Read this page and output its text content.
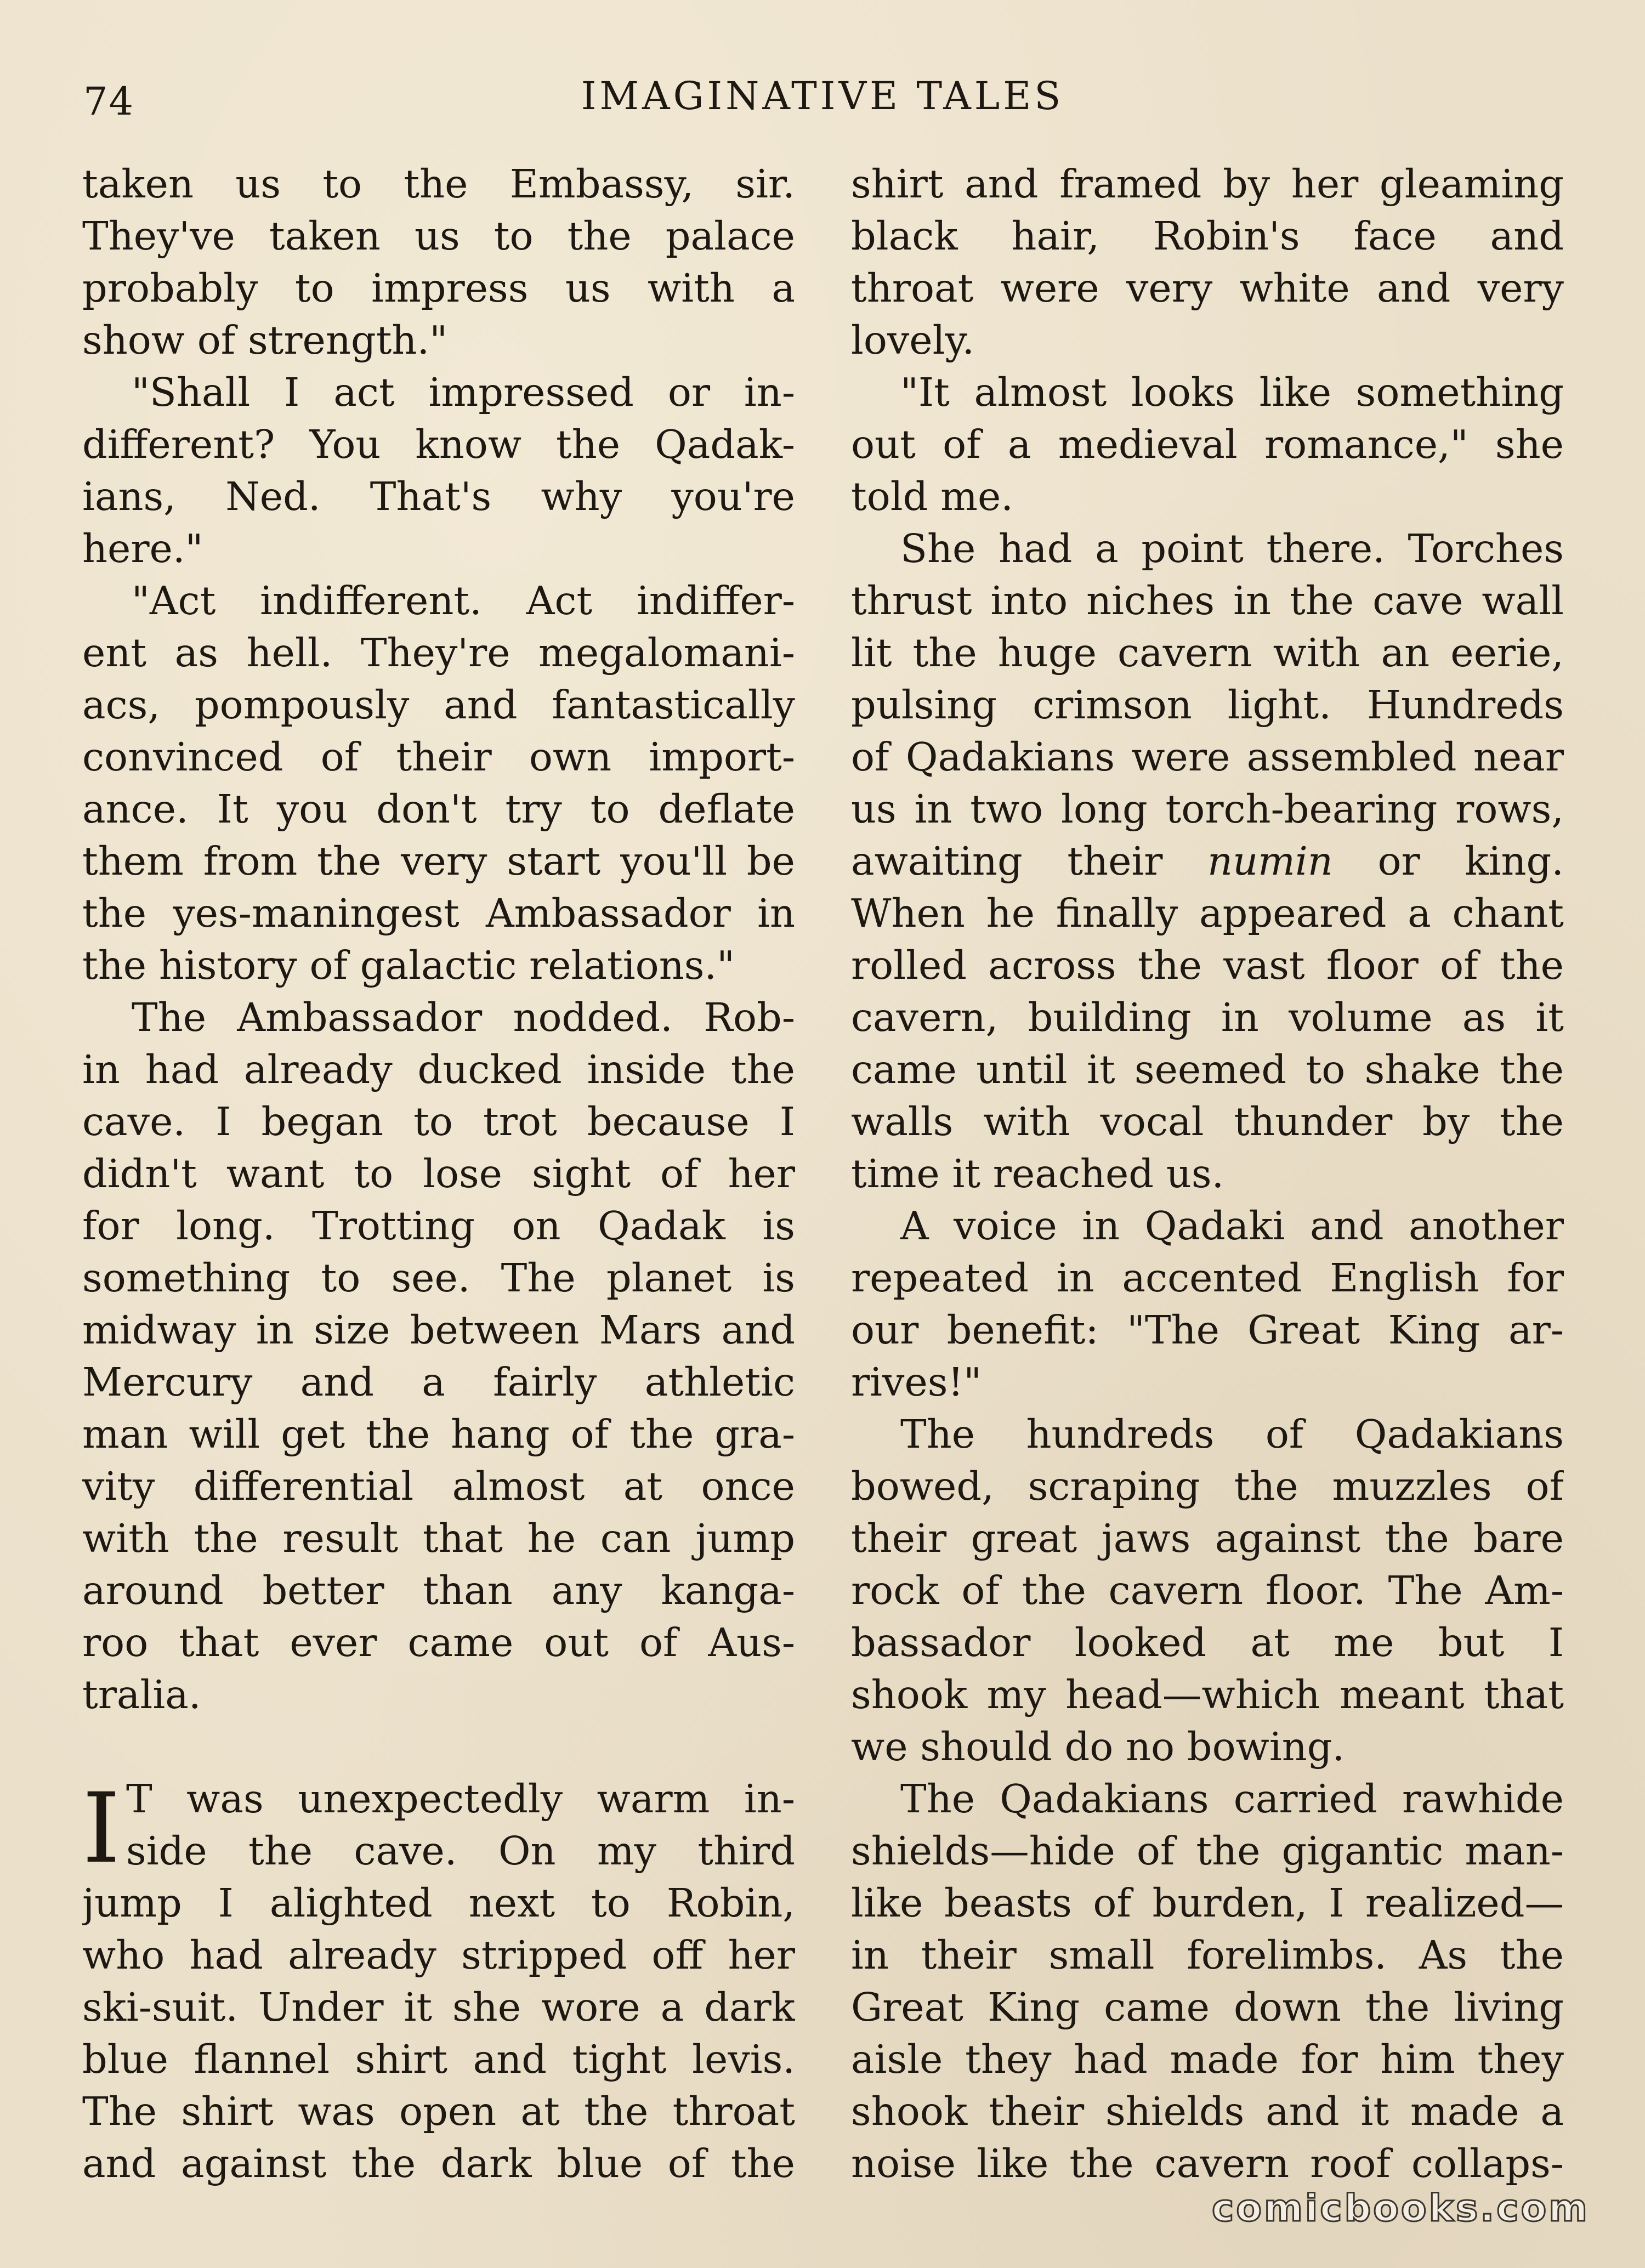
74	IMAGINATIVE TALES
taken us to the Embassy, sir.
They've taken us to the palace
probably to impress us with a
show of strength."
"Shall I act impressed or in-
different? You know the Qadak-
ians, Ned. That's why you're
here."
"Act indifferent. Act indiffer-
ent as hell. They're megalomani-
acs, pompously and fantastically
convinced of their own import-
ance. It you don't try to deflate
them from the very start you'll be
the yes-maningest Ambassador in
the history of galactic relations."
The Ambassador nodded. Rob-
in had already ducked inside the
cave. I began to trot because I
didn't want to lose sight of her
for long. Trotting on Qadak is
something to see. The planet is
midway in size between Mars and
Mercury and a fairly athletic
man will get the hang of the gra-
vity differential almost at once
with the result that he can jump
around better than any kanga-
roo that ever came out of Aus-
tralia.
I T was unexpectedly warm in-
side the cave. On my third
jump I alighted next to Robin,
who had already stripped off her
ski-suit. Under it she wore a dark
blue flannel shirt and tight levis.
The shirt was open at the throat
and against the dark blue of the
shirt and framed by her gleaming
black hair, Robin's face and
throat were very white and very
lovely.
"It almost looks like something
out of a medieval romance," she
told me.
She had a point there. Torches
thrust into niches in the cave wall
lit the huge cavern with an eerie,
pulsing crimson light. Hundreds
of Qadakians were assembled near
us in two long torch-bearing rows,
awaiting their numin or king.
When he finally appeared a chant
rolled across the vast floor of the
cavern, building in volume as it
came until it seemed to shake the
walls with vocal thunder by the
time it reached us.
A voice in Qadaki and another
repeated in accented English for
our benefit: "The Great King ar-
rives!"
The hundreds of Qadakians
bowed, scraping the muzzles of
their great jaws against the bare
rock of the cavern floor. The Am-
bassador looked at me but I
shook my head—which meant that
we should do no bowing.
The Qadakians carried rawhide
shields—hide of the gigantic man-
like beasts of burden, I realized—
in their small forelimbs. As the
Great King came down the living
aisle they had made for him they
shook their shields and it made a
noise like the cavern roof collaps-
comicbooks.com
